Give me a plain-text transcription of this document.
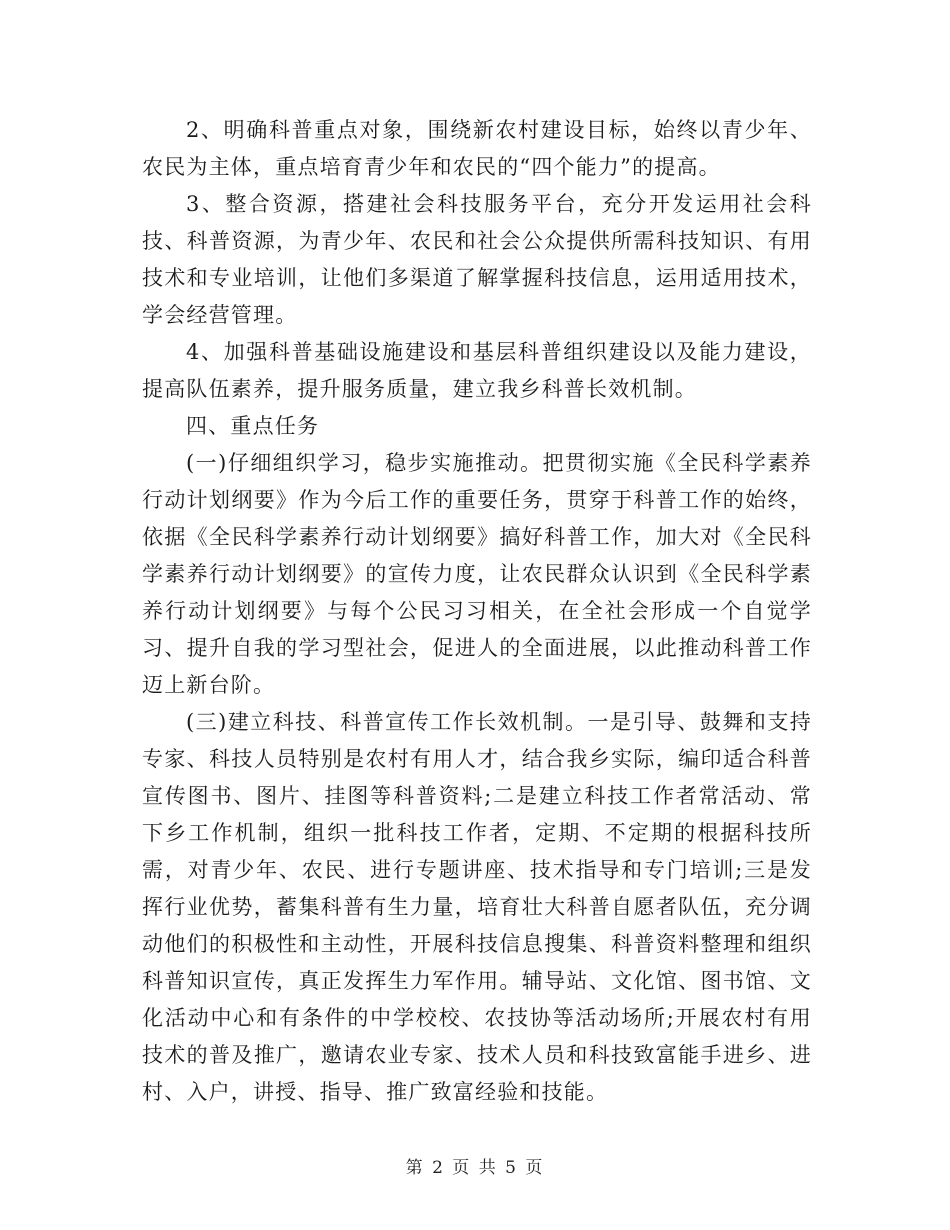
2、明确科普重点对象，围绕新农村建设目标，始终以青少年、农民为主体，重点培育青少年和农民的“四个能力”的提高。

3、整合资源，搭建社会科技服务平台，充分开发运用社会科技、科普资源，为青少年、农民和社会公众提供所需科技知识、有用技术和专业培训，让他们多渠道了解掌握科技信息，运用适用技术，学会经营管理。

4、加强科普基础设施建设和基层科普组织建设以及能力建设，提高队伍素养，提升服务质量，建立我乡科普长效机制。

四、重点任务

(一)仔细组织学习，稳步实施推动。把贯彻实施《全民科学素养行动计划纲要》作为今后工作的重要任务，贯穿于科普工作的始终，依据《全民科学素养行动计划纲要》搞好科普工作，加大对《全民科学素养行动计划纲要》的宣传力度，让农民群众认识到《全民科学素养行动计划纲要》与每个公民习习相关，在全社会形成一个自觉学习、提升自我的学习型社会，促进人的全面进展，以此推动科普工作迈上新台阶。

(三)建立科技、科普宣传工作长效机制。一是引导、鼓舞和支持专家、科技人员特别是农村有用人才，结合我乡实际，编印适合科普宣传图书、图片、挂图等科普资料;二是建立科技工作者常活动、常下乡工作机制，组织一批科技工作者，定期、不定期的根据科技所需，对青少年、农民、进行专题讲座、技术指导和专门培训;三是发挥行业优势，蓄集科普有生力量，培育壮大科普自愿者队伍，充分调动他们的积极性和主动性，开展科技信息搜集、科普资料整理和组织科普知识宣传，真正发挥生力军作用。辅导站、文化馆、图书馆、文化活动中心和有条件的中学校校、农技协等活动场所;开展农村有用技术的普及推广，邀请农业专家、技术人员和科技致富能手进乡、进村、入户，讲授、指导、推广致富经验和技能。

第 2 页 共 5 页
